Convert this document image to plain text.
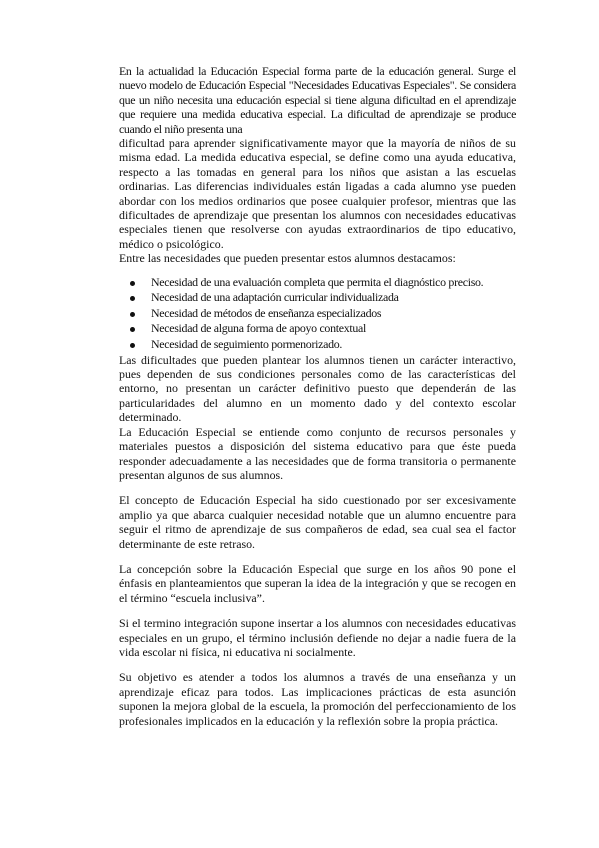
En la actualidad la Educación Especial forma parte de la educación general. Surge el nuevo modelo de Educación Especial "Necesidades Educativas Especiales". Se considera que un niño necesita una educación especial si tiene alguna dificultad en el aprendizaje que requiere una medida educativa especial. La dificultad de aprendizaje se produce cuando el niño presenta una

dificultad para aprender significativamente mayor que la mayoría de niños de su misma edad. La medida educativa especial, se define como una ayuda educativa, respecto a las tomadas en general para los niños que asistan a las escuelas ordinarias. Las diferencias individuales están ligadas a cada alumno yse pueden abordar con los medios ordinarios que posee cualquier profesor, mientras que las dificultades de aprendizaje que presentan los alumnos con necesidades educativas especiales tienen que resolverse con ayudas extraordinarios de tipo educativo, médico o psicológico.

Entre las necesidades que pueden presentar estos alumnos destacamos:

Necesidad de una evaluación completa que permita el diagnóstico preciso.
Necesidad de una adaptación curricular individualizada
Necesidad de métodos de enseñanza especializados
Necesidad de alguna forma de apoyo contextual
Necesidad de seguimiento pormenorizado.

Las dificultades que pueden plantear los alumnos tienen un carácter interactivo, pues dependen de sus condiciones personales como de las características del entorno, no presentan un carácter definitivo puesto que dependerán de las particularidades del alumno en un momento dado y del contexto escolar determinado.

La Educación Especial se entiende como conjunto de recursos personales y materiales puestos a disposición del sistema educativo para que éste pueda responder adecuadamente a las necesidades que de forma transitoria o permanente presentan algunos de sus alumnos.

El concepto de Educación Especial ha sido cuestionado por ser excesivamente amplio ya que abarca cualquier necesidad notable que un alumno encuentre para seguir el ritmo de aprendizaje de sus compañeros de edad, sea cual sea el factor determinante de este retraso.

La concepción sobre la Educación Especial que surge en los años 90 pone el énfasis en planteamientos que superan la idea de la integración y que se recogen en el término “escuela inclusiva”.

Si el termino integración supone insertar a los alumnos con necesidades educativas especiales en un grupo, el término inclusión defiende no dejar a nadie fuera de la vida escolar ni física, ni educativa ni socialmente.

Su objetivo es atender a todos los alumnos a través de una enseñanza y un aprendizaje eficaz para todos. Las implicaciones prácticas de esta asunción suponen la mejora global de la escuela, la promoción del perfeccionamiento de los profesionales implicados en la educación y la reflexión sobre la propia práctica.
